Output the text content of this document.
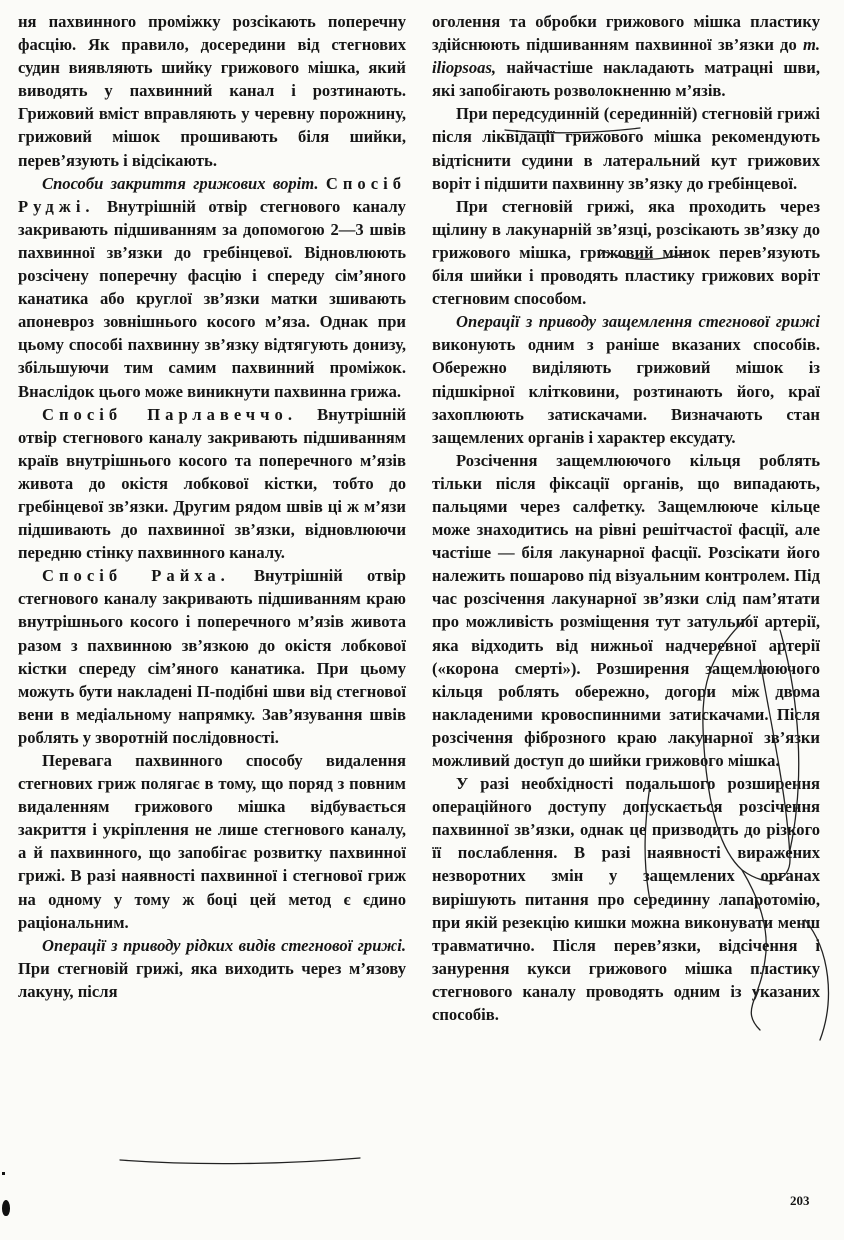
ня пахвинного проміжку розсікають поперечну фасцію. Як правило, досередини від стегнових судин виявляють шийку грижового мішка, який виводять у пахвинний канал і розтинають. Грижовий вміст вправляють у черевну порожнину, грижовий мішок прошивають біля шийки, перев’язують і відсікають.

Способи закриття грижових воріт. Спосіб Руджі. Внутрішній отвір стегнового каналу закривають підшиванням за допомогою 2—3 швів пахвинної зв’язки до гребінцевої. Відновлюють розсічену поперечну фасцію і спереду сім’яного канатика або круглої зв’язки матки зшивають апоневроз зовнішнього косого м’яза. Однак при цьому способі пахвинну зв’язку відтягують донизу, збільшуючи тим самим пахвинний проміжок. Внаслідок цього може виникнути пахвинна грижа.

Спосіб Парлавеччо. Внутрішній отвір стегнового каналу закривають підшиванням країв внутрішнього косого та поперечного м’язів живота до окістя лобкової кістки, тобто до гребінцевої зв’язки. Другим рядом швів ці ж м’язи підшивають до пахвинної зв’язки, відновлюючи передню стінку пахвинного каналу.

Спосіб Райха. Внутрішній отвір стегнового каналу закривають підшиванням краю внутрішнього косого і поперечного м’язів живота разом з пахвинною зв’язкою до окістя лобкової кістки спереду сім’яного канатика. При цьому можуть бути накладені П-подібні шви від стегнової вени в медіальному напрямку. Зав’язування швів роблять у зворотній послідовності.

Перевага пахвинного способу видалення стегнових гриж полягає в тому, що поряд з повним видаленням грижового мішка відбувається закриття і укріплення не лише стегнового каналу, а й пахвинного, що запобігає розвитку пахвинної грижі. В разі наявності пахвинної і стегнової гриж на одному у тому ж боці цей метод є єдино раціональним.

Операції з приводу рідких видів стегнової грижі. При стегновій грижі, яка виходить через м’язову лакуну, після

оголення та обробки грижового мішка пластику здійснюють підшиванням пахвинної зв’язки до m. iliopsoas, найчастіше накладають матрацні шви, які запобігають розволокненню м’язів.

При передсудинній (серединній) стегновій грижі після ліквідації грижового мішка рекомендують відтіснити судини в латеральний кут грижових воріт і підшити пахвинну зв’язку до гребінцевої.

При стегновій грижі, яка проходить через щілину в лакунарній зв’язці, розсікають зв’язку до грижового мішка, грижовий мішок перев’язують біля шийки і проводять пластику грижових воріт стегновим способом.

Операції з приводу защемлення стегнової грижі виконують одним з раніше вказаних способів. Обережно виділяють грижовий мішок із підшкірної клітковини, розтинають його, краї захоплюють затискачами. Визначають стан защемлених органів і характер ексудату.

Розсічення защемлюючого кільця роблять тільки після фіксації органів, що випадають, пальцями через салфетку. Защемлююче кільце може знаходитись на рівні решітчастої фасції, але частіше — біля лакунарної фасції. Розсікати його належить пошарово під візуальним контролем. Під час розсічення лакунарної зв’язки слід пам’ятати про можливість розміщення тут затульної артерії, яка відходить від нижньої надчеревної артерії («корона смерті»). Розширення защемлюючого кільця роблять обережно, догори між двома накладеними кровоспинними затискачами. Після розсічення фіброзного краю лакунарної зв’язки можливий доступ до шийки грижового мішка.

У разі необхідності подальшого розширення операційного доступу допускається розсічення пахвинної зв’язки, однак це призводить до різкого її послаблення. В разі наявності виражених незворотних змін у защемлених органах вирішують питання про серединну лапаротомію, при якій резекцію кишки можна виконувати менш травматично. Після перев’язки, відсічення і занурення кукси грижового мішка пластику стегнового каналу проводять одним із указаних способів.

203
